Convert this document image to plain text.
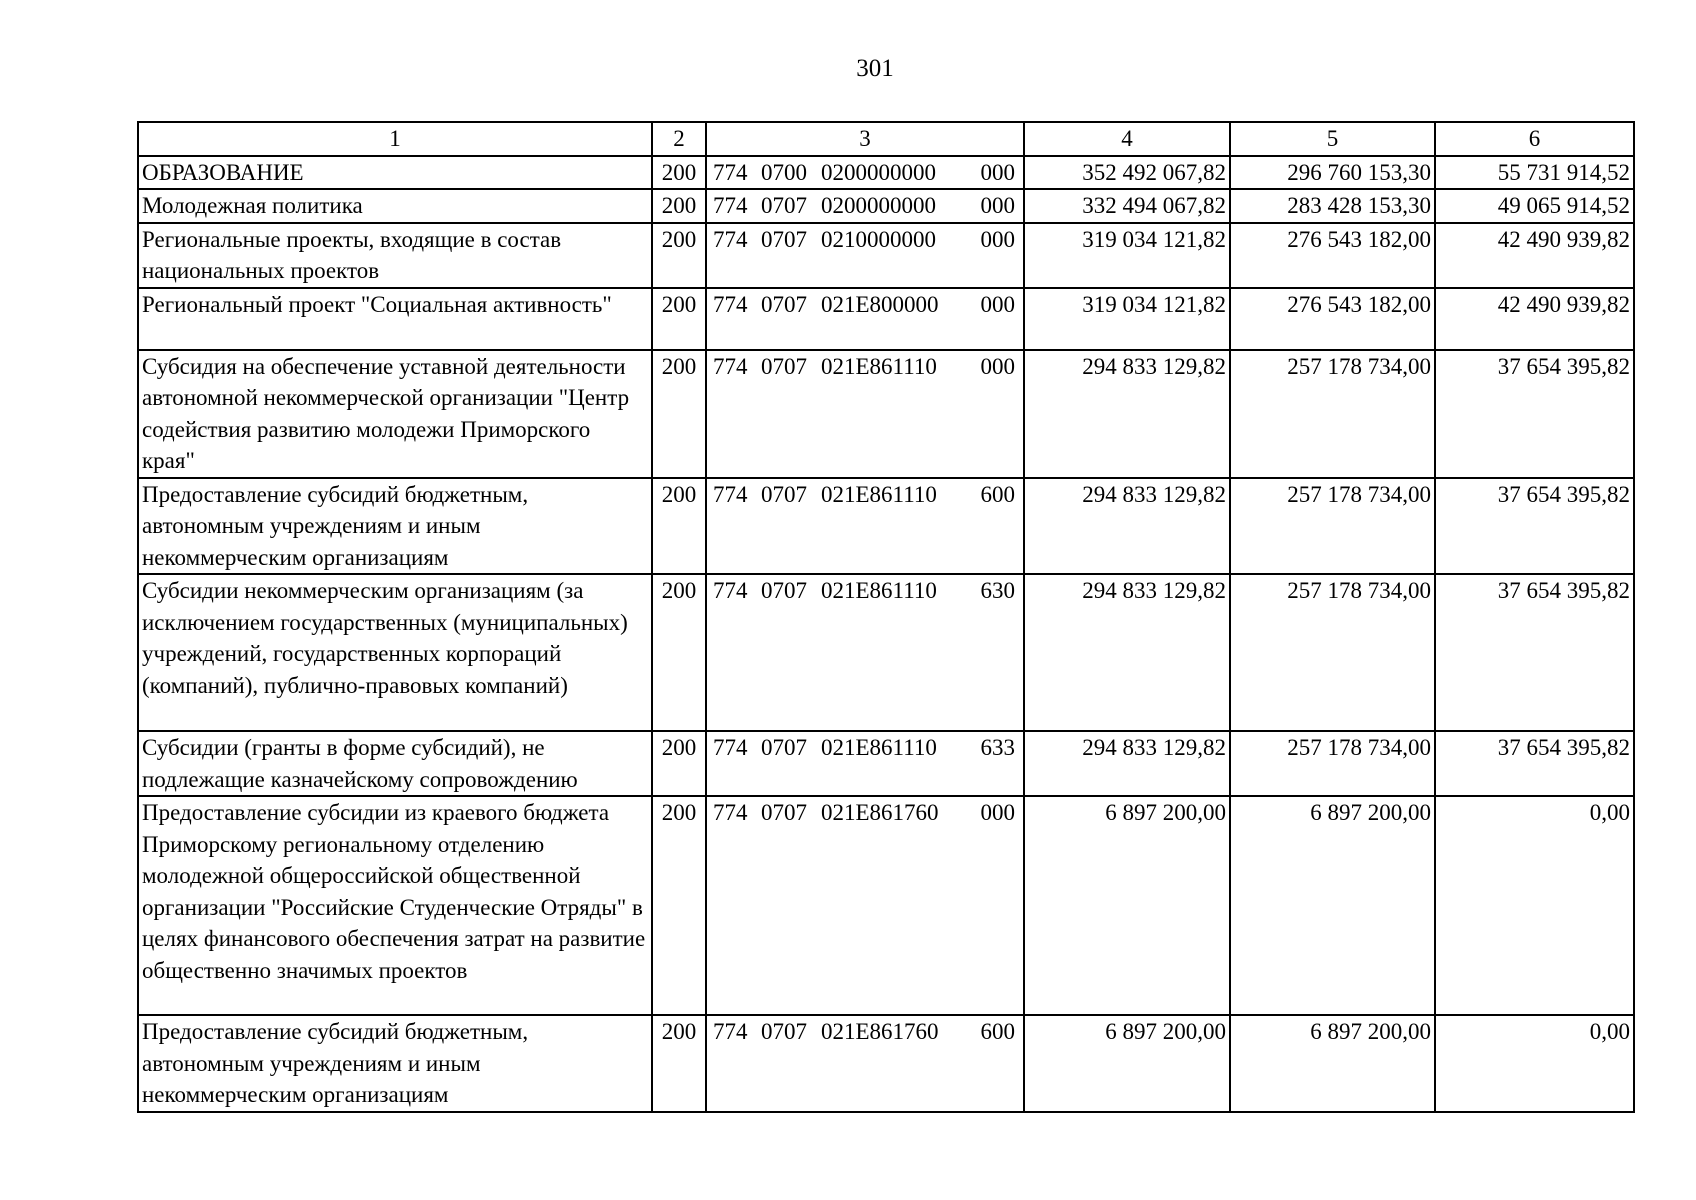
301
1	2	3	4	5	6
ОБРАЗОВАНИЕ	200	774 0700 0200000000 000	352 492 067,82	296 760 153,30	55 731 914,52
Молодежная политика	200	774 0707 0200000000 000	332 494 067,82	283 428 153,30	49 065 914,52
Региональные проекты, входящие в состав национальных проектов	200	774 0707 0210000000 000	319 034 121,82	276 543 182,00	42 490 939,82
Региональный проект "Социальная активность"	200	774 0707 021E800000 000	319 034 121,82	276 543 182,00	42 490 939,82
Субсидия на обеспечение уставной деятельности автономной некоммерческой организации "Центр содействия развитию молодежи Приморского края"	200	774 0707 021E861110 000	294 833 129,82	257 178 734,00	37 654 395,82
Предоставление субсидий бюджетным, автономным учреждениям и иным некоммерческим организациям	200	774 0707 021E861110 600	294 833 129,82	257 178 734,00	37 654 395,82
Субсидии некоммерческим организациям (за исключением государственных (муниципальных) учреждений, государственных корпораций (компаний), публично-правовых компаний)	200	774 0707 021E861110 630	294 833 129,82	257 178 734,00	37 654 395,82
Субсидии (гранты в форме субсидий), не подлежащие казначейскому сопровождению	200	774 0707 021E861110 633	294 833 129,82	257 178 734,00	37 654 395,82
Предоставление субсидии из краевого бюджета Приморскому региональному отделению молодежной общероссийской общественной организации "Российские Студенческие Отряды" в целях финансового обеспечения затрат на развитие общественно значимых проектов	200	774 0707 021E861760 000	6 897 200,00	6 897 200,00	0,00
Предоставление субсидий бюджетным, автономным учреждениям и иным некоммерческим организациям	200	774 0707 021E861760 600	6 897 200,00	6 897 200,00	0,00
